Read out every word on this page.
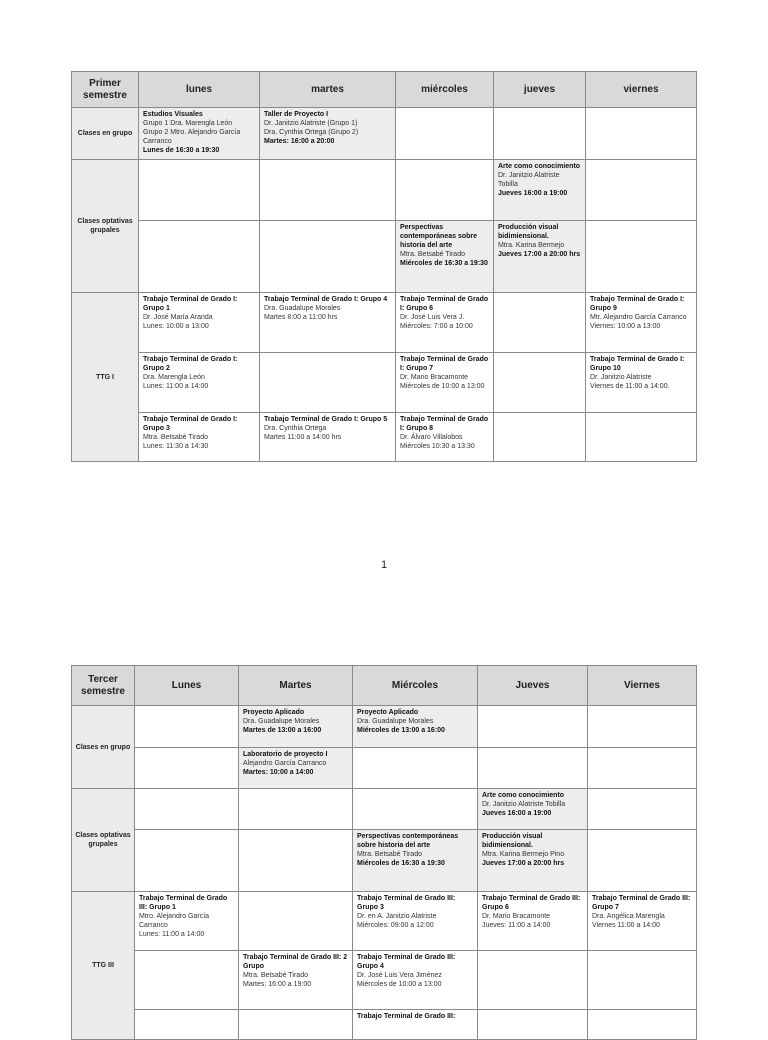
Primer semestre	lunes	martes	miércoles	jueves	viernes
Clases en grupo	Estudios Visuales
Grupo 1 Dra. Marengla León
Grupo 2 Mtro. Alejandro García Carranco
Lunes de 16:30 a 19:30	Taller de Proyecto I
Dr. Janitzio Alatriste (Grupo 1)
Dra. Cynthia Ortega (Grupo 2)
Martes: 16:00 a 20:00			

Clases optativas grupales				Arte como conocimiento
Dr. Janitzio Alatriste Tobilla
Jueves 16:00 a 19:00	

			Perspectivas contemporáneas sobre historia del arte
Mtra. Betsabé Tirado
Miércoles de 16:30 a 19:30	Producción visual bidimiensional.
Mtra. Karina Bermejo
Jueves 17:00 a 20:00 hrs	

TTG I	Trabajo Terminal de Grado I: Grupo 1
Dr. José María Aranda
Lunes: 10:00 a 13:00	Trabajo Terminal de Grado I: Grupo 4
Dra. Guadalupe Morales
Martes 8:00 a 11:00 hrs	Trabajo Terminal de Grado I: Grupo 6
Dr. José Luis Vera J.
Miércoles: 7:00 a 10:00		Trabajo Terminal de Grado I: Grupo 9
Mtr. Alejandro García Carranco
Viernes: 10:00 a 13:00

	Trabajo Terminal de Grado I: Grupo 2
Dra. Marengla León
Lunes: 11:00 a 14:00		Trabajo Terminal de Grado I: Grupo 7
Dr. Mario Bracamonte
Miércoles de 10:00 a 13:00		Trabajo Terminal de Grado I: Grupo 10
Dr. Janitzio Alatriste
Viernes de 11:00 a 14:00.

	Trabajo Terminal de Grado I: Grupo 3
Mtra. Betsabé Tirado
Lunes: 11:30 a 14:30	Trabajo Terminal de Grado I: Grupo 5
Dra. Cynthia Ortega
Martes 11:00 a 14:00 hrs	Trabajo Terminal de Grado I: Grupo 8
Dr. Álvaro Villalobos
Miércoles 10:30 a 13:30		

1
Tercer semestre	Lunes	Martes	Miércoles	Jueves	Viernes
Clases en grupo		Proyecto Aplicado
Dra. Guadalupe Morales
Martes de 13:00 a 16:00	Proyecto Aplicado
Dra. Guadalupe Morales
Miércoles de 13:00 a 16:00		

		Laboratorio de proyecto I
Alejandro García Carranco
Martes: 10:00 a 14:00			

Clases optativas grupales				Arte como conocimiento
Dr. Janitzio Alatriste Tobilla
Jueves 16:00 a 19:00	

			Perspectivas contemporáneas sobre historia del arte
Mtra. Betsabé Tirado
Miércoles de 16:30 a 19:30	Producción visual bidimiensional.
Mtra. Karina Bermejo Pino
Jueves 17:00 a 20:00 hrs	

TTG III	Trabajo Terminal de Grado III: Grupo 1
Mtro. Alejandro García Carranco
Lunes: 11:00 a 14:00		Trabajo Terminal de Grado III: Grupo 3
Dr. en A. Janitzio Alatriste
Miércoles: 09:00 a 12:00	Trabajo Terminal de Grado III:
Grupo 6
Dr. Mario Bracamonte
Jueves: 11:00 a 14:00	Trabajo Terminal de Grado III: Grupo 7
Dra. Angélica Marengla
Viernes 11:00 a 14:00

		Trabajo Terminal de Grado III: 2
Grupo
Mtra. Betsabé Tirado
Martes: 16:00 a 19:00	Trabajo Terminal de Grado III: Grupo 4
Dr. José Luis Vera Jiménez
Miércoles de 10:00 a 13:00		

			Trabajo Terminal de Grado III:		
